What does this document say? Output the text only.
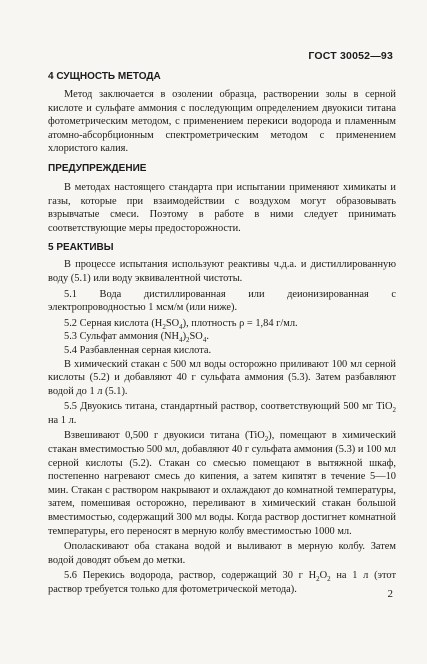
ГОСТ 30052—93
4 СУЩНОСТЬ МЕТОДА

Метод заключается в озолении образца, растворении золы в серной кислоте и сульфате аммония с последующим определением двуокиси титана фотометрическим методом, с применением перекиси водорода и пламенным атомно-абсорбционным спектрометрическим методом с применением хлористого калия.

ПРЕДУПРЕЖДЕНИЕ

В методах настоящего стандарта при испытании применяют химикаты и газы, которые при взаимодействии с воздухом могут образовывать взрывчатые смеси. Поэтому в работе в ними следует принимать соответствующие меры предосторожности.

5 РЕАКТИВЫ

В процессе испытания используют реактивы ч.д.а. и дистиллированную воду (5.1) или воду эквивалентной чистоты.

5.1 Вода дистиллированная или деионизированная с электропроводностью 1 мсм/м (или ниже).

5.2 Серная кислота $(H_2SO_4)$, плотность ρ = 1,84 г/мл.

5.3 Сульфат аммония $(NH_4)_2SO_4$.

5.4 Разбавленная серная кислота.

В химический стакан с 500 мл воды осторожно приливают 100 мл серной кислоты (5.2) и добавляют 40 г сульфата аммония (5.3). Затем разбавляют водой до 1 л (5.1).

5.5 Двуокись титана, стандартный раствор, соответствующий 500 мг TiO$_2$ на 1 л.

Взвешивают 0,500 г двуокиси титана (TiO$_2$), помещают в химический стакан вместимостью 500 мл, добавляют 40 г сульфата аммония (5.3) и 100 мл серной кислоты (5.2). Стакан со смесью помещают в вытяжной шкаф, постепенно нагревают смесь до кипения, а затем кипятят в течение 5—10 мин. Стакан с раствором накрывают и охлаждают до комнатной температуры, затем, помешивая осторожно, переливают в химический стакан большой вместимостью, содержащий 300 мл воды. Когда раствор достигнет комнатной температуры, его переносят в мерную колбу вместимостью 1000 мл.

Ополаскивают оба стакана водой и выливают в мерную колбу. Затем водой доводят объем до метки.

5.6 Перекись водорода, раствор, содержащий 30 г $H_2O_2$ на 1 л (этот раствор требуется только для фотометрической метода).	2
